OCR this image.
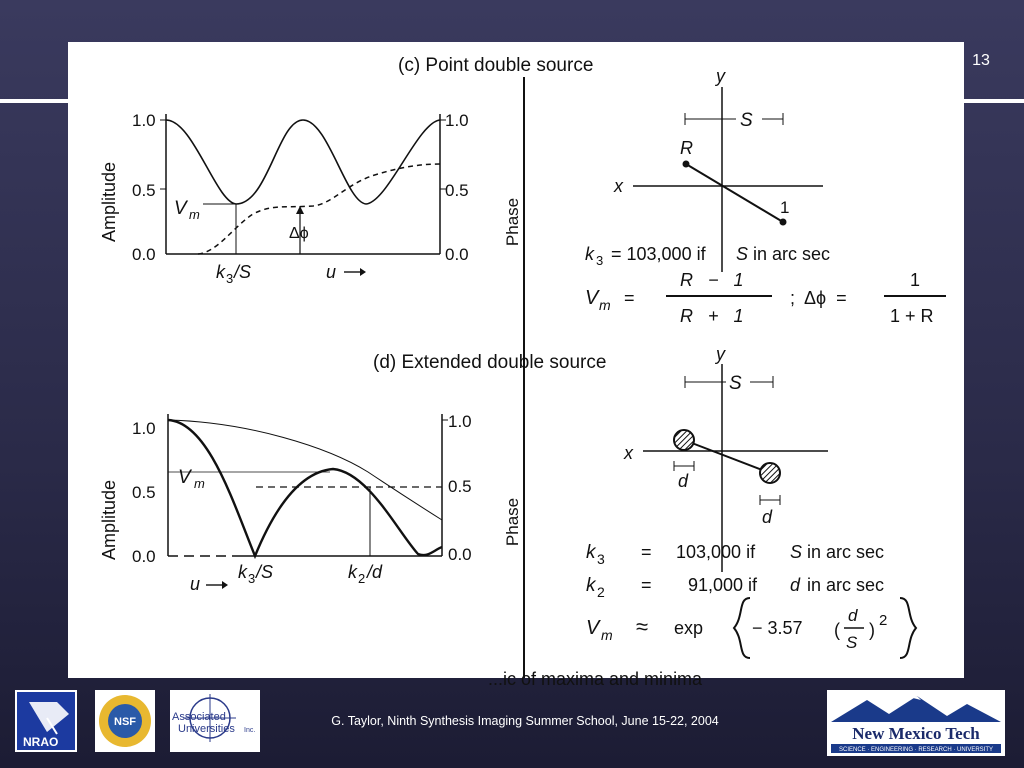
13
(c) Point double source
Amplitude	Phase
1.0
0.5
0.0
1.0
0.5
0.0
V m
Δϕ
k 3 /S	u
y
x
S
R
1
k 3 = 103,000 if S in arc sec
V m =
R   −   1
R   +   1
;  Δϕ  =
1
1 + R
(d) Extended double source
Amplitude	Phase
1.0
0.5
0.0
1.0
0.5
0.0
V m
u
k 3 /S	k 2 /d
y
x
S
d
d
k 3 = 103,000 if S in arc sec
k 2 = 91,000 if d in arc sec
V m ≈ exp	− 3.57 (
d
S
) 2
...ic of maxima and minima
NRAO
NSF	Associated
Universities Inc.
G. Taylor, Ninth Synthesis Imaging Summer School, June 15-22, 2004
New Mexico Tech
SCIENCE · ENGINEERING · RESEARCH · UNIVERSITY
